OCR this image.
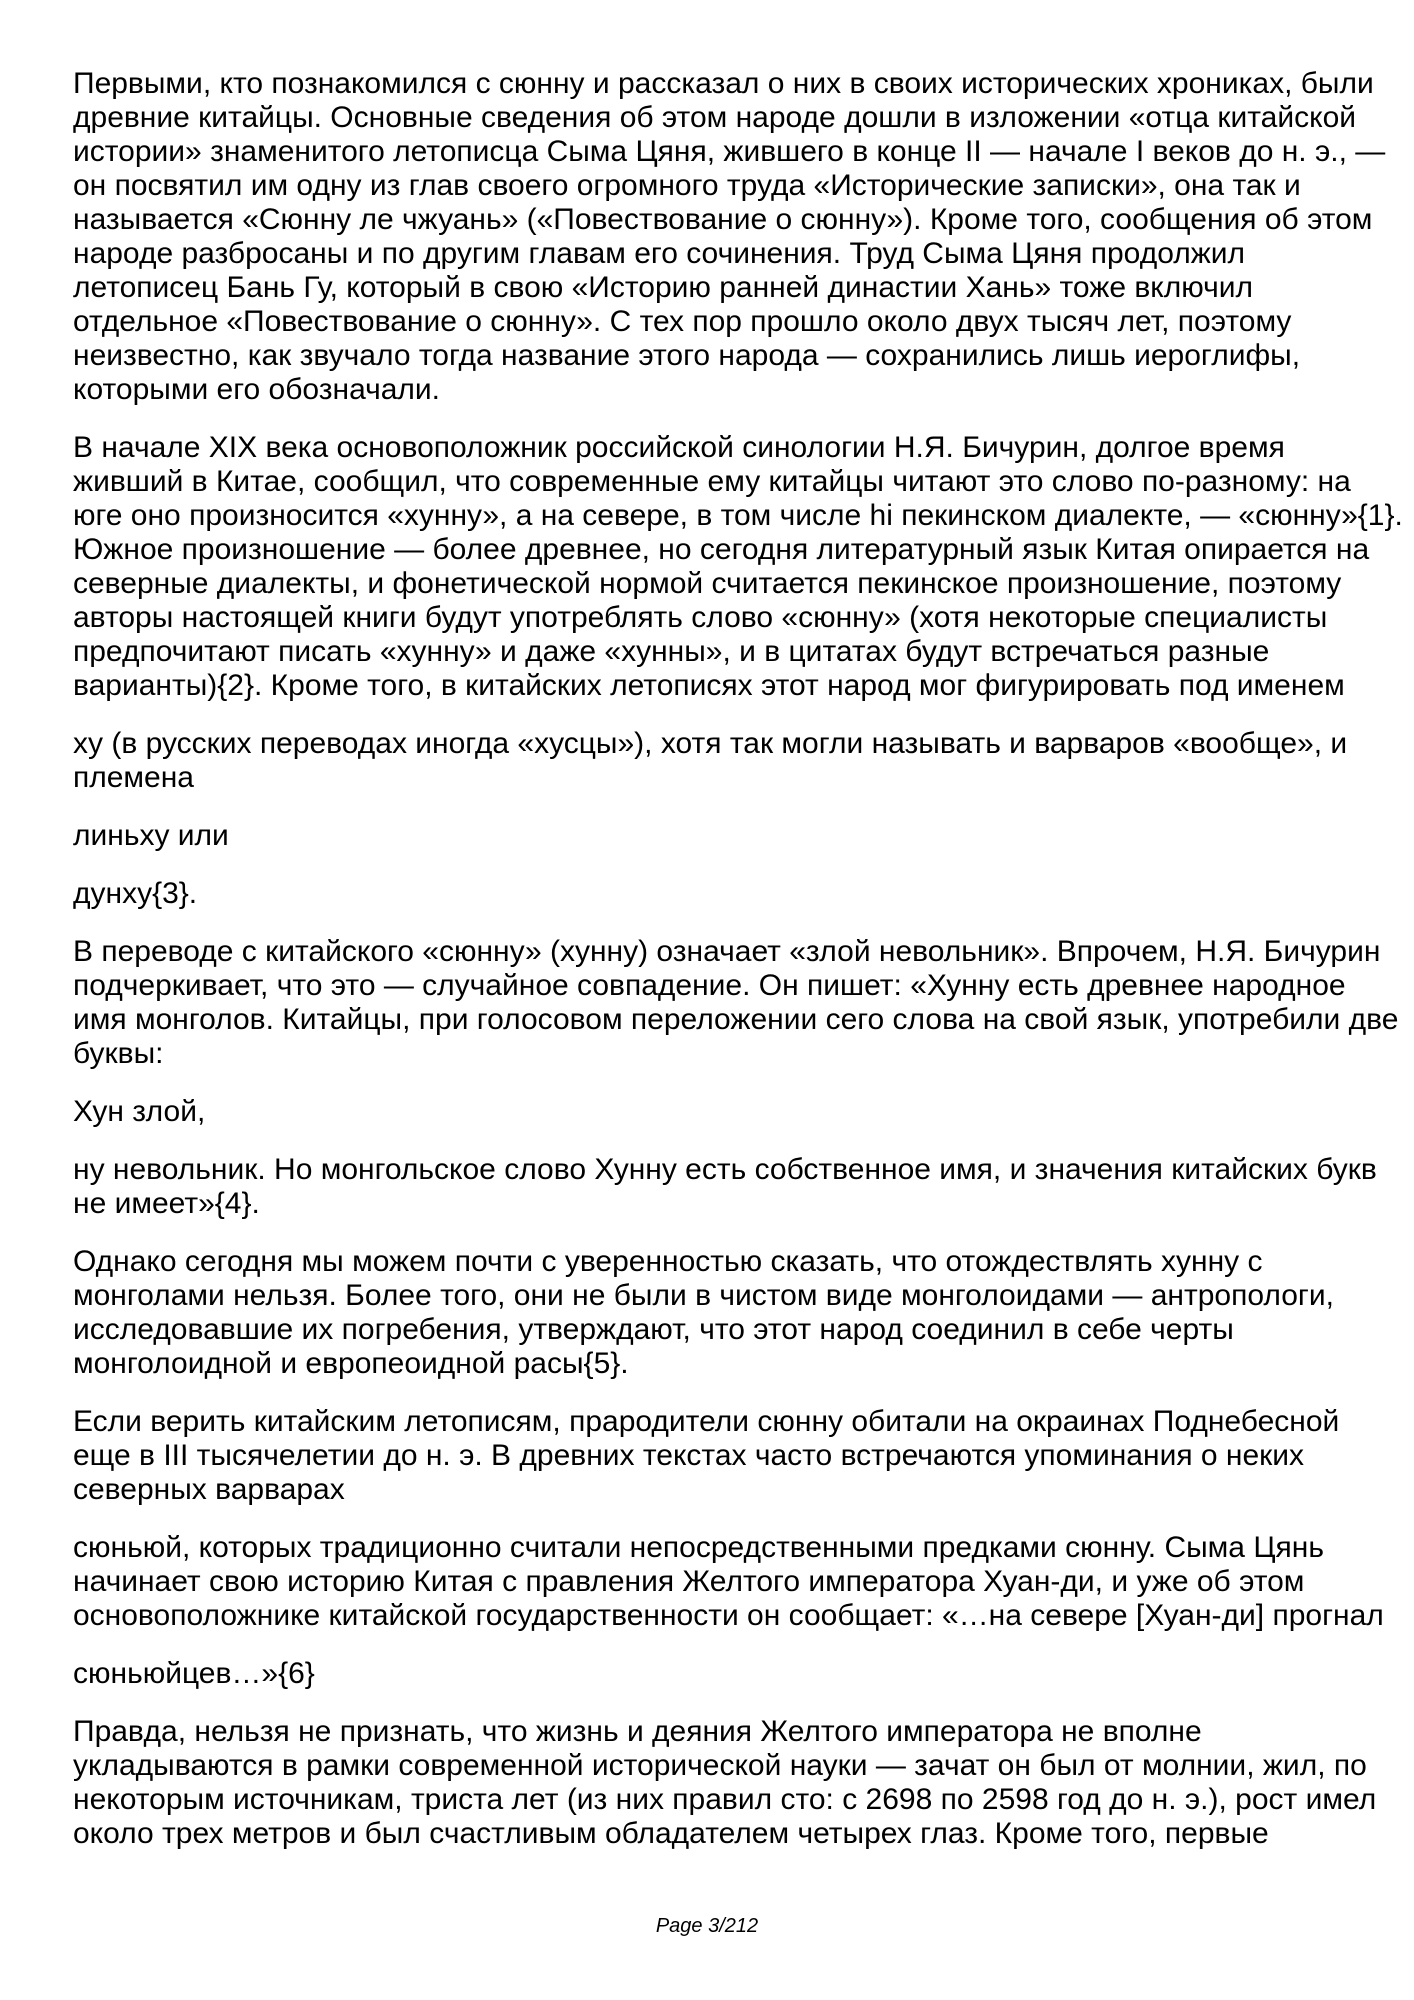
Первыми, кто познакомился с сюнну и рассказал о них в своих исторических хрониках, были
древние китайцы. Основные сведения об этом народе дошли в изложении «отца китайской
истории» знаменитого летописца Сыма Цяня, жившего в конце II — начале I веков до н. э., —
он посвятил им одну из глав своего огромного труда «Исторические записки», она так и
называется «Сюнну ле чжуань» («Повествование о сюнну»). Кроме того, сообщения об этом
народе разбросаны и по другим главам его сочинения. Труд Сыма Цяня продолжил
летописец Бань Гу, который в свою «Историю ранней династии Хань» тоже включил
отдельное «Повествование о сюнну». С тех пор прошло около двух тысяч лет, поэтому
неизвестно, как звучало тогда название этого народа — сохранились лишь иероглифы,
которыми его обозначали.
В начале XIX века основоположник российской синологии Н.Я. Бичурин, долгое время
живший в Китае, сообщил, что современные ему китайцы читают это слово по-разному: на
юге оно произносится «хунну», а на севере, в том числе hi пекинском диалекте, — «сюнну»{1}.
Южное произношение — более древнее, но сегодня литературный язык Китая опирается на
северные диалекты, и фонетической нормой считается пекинское произношение, поэтому
авторы настоящей книги будут употреблять слово «сюнну» (хотя некоторые специалисты
предпочитают писать «хунну» и даже «хунны», и в цитатах будут встречаться разные
варианты){2}. Кроме того, в китайских летописях этот народ мог фигурировать под именем
ху (в русских переводах иногда «хусцы»), хотя так могли называть и варваров «вообще», и
племена
линьху или
дунху{3}.
В переводе с китайского «сюнну» (хунну) означает «злой невольник». Впрочем, Н.Я. Бичурин
подчеркивает, что это — случайное совпадение. Он пишет: «Хунну есть древнее народное
имя монголов. Китайцы, при голосовом переложении сего слова на свой язык, употребили две
буквы:
Хун злой,
ну невольник. Но монгольское слово Хунну есть собственное имя, и значения китайских букв
не имеет»{4}.
Однако сегодня мы можем почти с уверенностью сказать, что отождествлять хунну с
монголами нельзя. Более того, они не были в чистом виде монголоидами — антропологи,
исследовавшие их погребения, утверждают, что этот народ соединил в себе черты
монголоидной и европеоидной расы{5}.
Если верить китайским летописям, прародители сюнну обитали на окраинах Поднебесной
еще в III тысячелетии до н. э. В древних текстах часто встречаются упоминания о неких
северных варварах
сюньюй, которых традиционно считали непосредственными предками сюнну. Сыма Цянь
начинает свою историю Китая с правления Желтого императора Хуан-ди, и уже об этом
основоположнике китайской государственности он сообщает: «…на севере [Хуан-ди] прогнал
сюньюйцев…»{6}
Правда, нельзя не признать, что жизнь и деяния Желтого императора не вполне
укладываются в рамки современной исторической науки — зачат он был от молнии, жил, по
некоторым источникам, триста лет (из них правил сто: с 2698 по 2598 год до н. э.), рост имел
около трех метров и был счастливым обладателем четырех глаз. Кроме того, первые
Page 3/212
